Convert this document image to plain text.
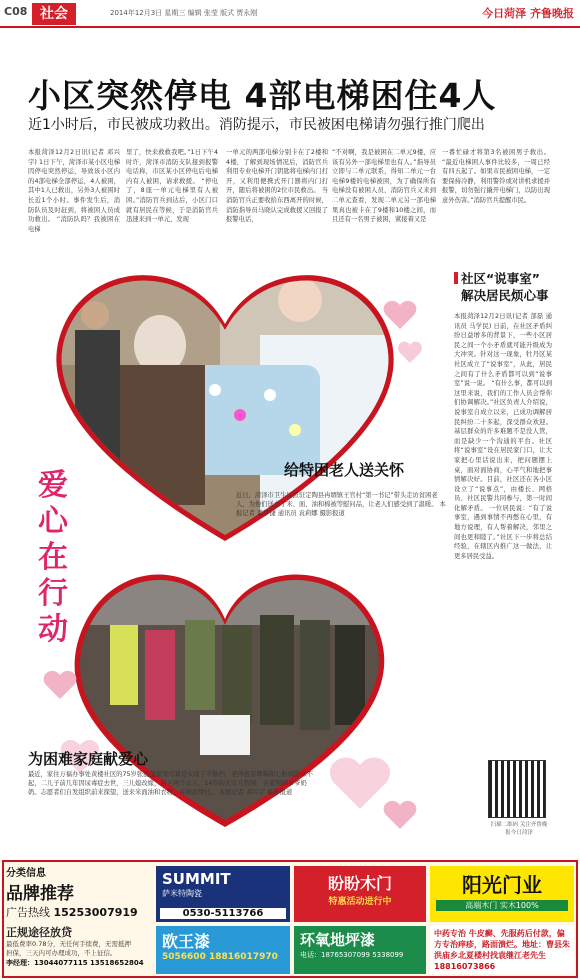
C08 社会	2014年12月3日 星期三 编辑 张莹 版式 贾永刚	今日菏泽 齐鲁晚报
小区突然停电 4部电梯困住4人
近1小时后，市民被成功救出。消防提示，市民被困电梯请勿强行推门爬出
本报菏泽12月2日讯(记者 邓兴宇) 1日下午，菏泽市某小区电梯因停电突然停运，导致该小区内的4部电梯全部停运，4人被困，其中1人已救出，另外3人被困时长近1个小时。事件发生后，消防队员及时赶到，将被困人员成功救出。 “消防队吗？我被困在电梯
里了，快来救救我吧。”1日下午4时许，菏泽市消防支队接到报警电话称，市区某小区停电后电梯内有人被困，请求救援。 “停电了，8座一单元电梯里有人被困。”消防官兵到达后，小区门口就有居民在等候，于是消防官兵迅速来到一单元，发现
一单元的两部电梯分别卡在了2楼和4楼，了解到现场情况后，消防官兵利用专业电梯开门钥匙将电梯内门打开，又利用便携式开门器将内门打开，随后将被困的2位市民救出。 当消防官兵正要收拾东西离开的时候，消防指导员马晓认完成救援又回报了报警电话，
“不对啊，我是被困在二单元9楼，应该有另外一部电梯里也有人。”指导员立即与二单元联系，得知二单元一台电梯9楼的电梯被困，为了确保所有电梯没有被困人员，消防官兵又来到二单元查看，发现二单元另一部电梯果真也被卡在了9楼和10楼之间，而且还有一名男子被困，紧接着又是
一番忙碌才将第3名被困男子救出。 “最近电梯困人事件比较多，一周已经有四五起了。如果市民被困电梯，一定要保持冷静，利用警铃或对讲机求援并报警，切勿强行撬开电梯门，以防出现意外伤害。”消防官兵提醒市民。
爱心在行动
给特困老人送关怀
近日，菏泽市卫生局派驻定陶县冉堌镇王官村“第一书记”带头走访贫困老人，为他们送去了米、面、油和棉被等慰问品，让老人们感受到了温暖。 本报记者 董梦捷 通讯员 袁莉娜 摄影报道
为困难家庭献爱心
最近，家住万福办事处黄楼社区的75岁张霞莲家里可算是实现了不断档，老伴患有哮喘和心脏病卧床不起，二儿子前几年因尿毒症去世，三儿媳改嫁，留下两个女儿，14岁的大女儿智障，在家照顾爷爷奶奶。志愿者们自发组织前来探望，送来米面油和衣物，并捐款帮扶。 本报记者 邓兴宇 摄影报道
社区“说事室”
解决居民烦心事
本报菏泽12月2日讯(记者 部磊 通讯员 马学民) 日前，在社区矛盾纠纷日益增多的背景下，一些小区居民之间一个小矛盾就可能升级成为大冲突。针对这一现象，牡丹区某社区成立了“说事室”，从此，居民之间有了什么矛盾都可以到“说事室”说一说。 “有什么事，都可以到这里来说，我们的工作人员会帮你们协调解决。”社区负责人介绍说，说事室自成立以来，已成功调解居民纠纷二十多起，深受群众欢迎。 基层群众的许多难题不是没人管，而是缺少一个沟通的平台。社区将“说事室”设在居民家门口，让大家把心里话说出来，把问题摆上桌，面对面协商，心平气和地把事情解决好。目前，社区还在各小区设立了“说事点”，由楼长、网格员、社区民警共同参与，第一时间化解矛盾。 一位居民说：“有了说事室，遇到事情不再憋在心里，有地方说理，有人帮着解决，邻里之间也更和睦了。”社区下一步将总结经验，在辖区内推广这一做法，让更多居民受益。
扫描二维码 关注齐鲁晚报今日菏泽
分类信息
品牌推荐
广告热线 15253007919
正规途径放贷
最低费率0.78分，无任何手续费，无需抵押
担保，三天内可办理成功，不上征信。
李经理：13044077115 13518652804
SUMMIT
萨米特陶瓷
0530-5113766
盼盼木门
特惠活动进行中
阳光门业
高端木门 实木100%
欧王漆
5056600 18816017970
环氧地坪漆
电话：18765307099 5338099
中药专治 牛皮癣、先服药后付款，偏方专治痒疹，路面溃烂。地址：曹县朱洪庙乡北夏楼村找袁继江老先生 18816073866
